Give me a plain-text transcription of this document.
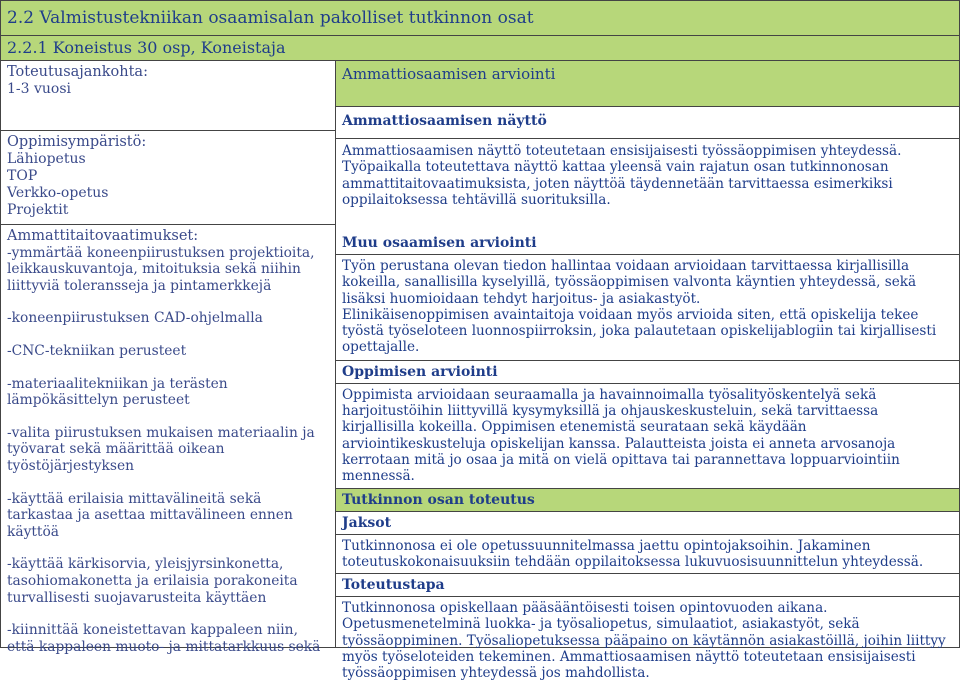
2.2 Valmistustekniikan osaamisalan pakolliset tutkinnon osat
2.2.1 Koneistus 30 osp, Koneistaja
Toteutusajankohta:
1-3 vuosi
Oppimisympäristö:
Lähiopetus
TOP
Verkko-opetus
Projektit
Ammattitaitovaatimukset:

-ymmärtää koneenpiirustuksen projektioita, leikkauskuvantoja, mitoituksia sekä niihin liittyviä toleransseja ja pintamerkkejä

-koneenpiirustuksen CAD-ohjelmalla

-CNC-tekniikan perusteet

-materiaalitekniikan ja terästen lämpökäsittelyn perusteet

-valita piirustuksen mukaisen materiaalin ja työvarat sekä määrittää oikean työstöjärjestyksen

-käyttää erilaisia mittavälineitä sekä tarkastaa ja asettaa mittavälineen ennen käyttöä

-käyttää kärkisorvia, yleisjyrsinkonetta, tasohiomakonetta ja erilaisia porakoneita turvallisesti suojavarusteita käyttäen

-kiinnittää koneistettavan kappaleen niin, että kappaleen muoto- ja mittatarkkuus sekä

Ammattiosaamisen arviointi
Ammattiosaamisen näyttö
Ammattiosaamisen näyttö toteutetaan ensisijaisesti työssäoppimisen yhteydessä. Työpaikalla toteutettava näyttö kattaa yleensä vain rajatun osan tutkinnonosan ammattitaitovaatimuksista, joten näyttöä täydennetään tarvittaessa esimerkiksi oppilaitoksessa tehtävillä suorituksilla.
Muu osaamisen arviointi
Työn perustana olevan tiedon hallintaa voidaan arvioidaan tarvittaessa kirjallisilla kokeilla, sanallisilla kyselyillä, työssäoppimisen valvonta käyntien yhteydessä, sekä lisäksi huomioidaan tehdyt harjoitus- ja asiakastyöt.
Elinikäisenoppimisen avaintaitoja voidaan myös arvioida siten, että opiskelija tekee työstä työseloteen luonnospiirroksin, joka palautetaan opiskelijablogiin tai kirjallisesti opettajalle.
Oppimisen arviointi
Oppimista arvioidaan seuraamalla ja havainnoimalla työsalityöskentelyä sekä harjoitustöihin liittyvillä kysymyksillä ja ohjauskeskusteluin, sekä tarvittaessa kirjallisilla kokeilla. Oppimisen etenemistä seurataan sekä käydään arviointikeskusteluja opiskelijan kanssa. Palautteista joista ei anneta arvosanoja kerrotaan mitä jo osaa ja mitä on vielä opittava tai parannettava loppuarviointiin mennessä.
Tutkinnon osan toteutus
Jaksot
Tutkinnonosa ei ole opetussuunnitelmassa jaettu opintojaksoihin. Jakaminen toteutuskokonaisuuksiin tehdään oppilaitoksessa lukuvuosisuunnittelun yhteydessä.
Toteutustapa
Tutkinnonosa opiskellaan pääsääntöisesti toisen opintovuoden aikana. Opetusmenetelminä luokka- ja työsaliopetus, simulaatiot, asiakastyöt, sekä työssäoppiminen. Työsaliopetuksessa pääpaino on käytännön asiakastöillä, joihin liittyy myös työseloteiden tekeminen. Ammattiosaamisen näyttö toteutetaan ensisijaisesti työssäoppimisen yhteydessä jos mahdollista.
